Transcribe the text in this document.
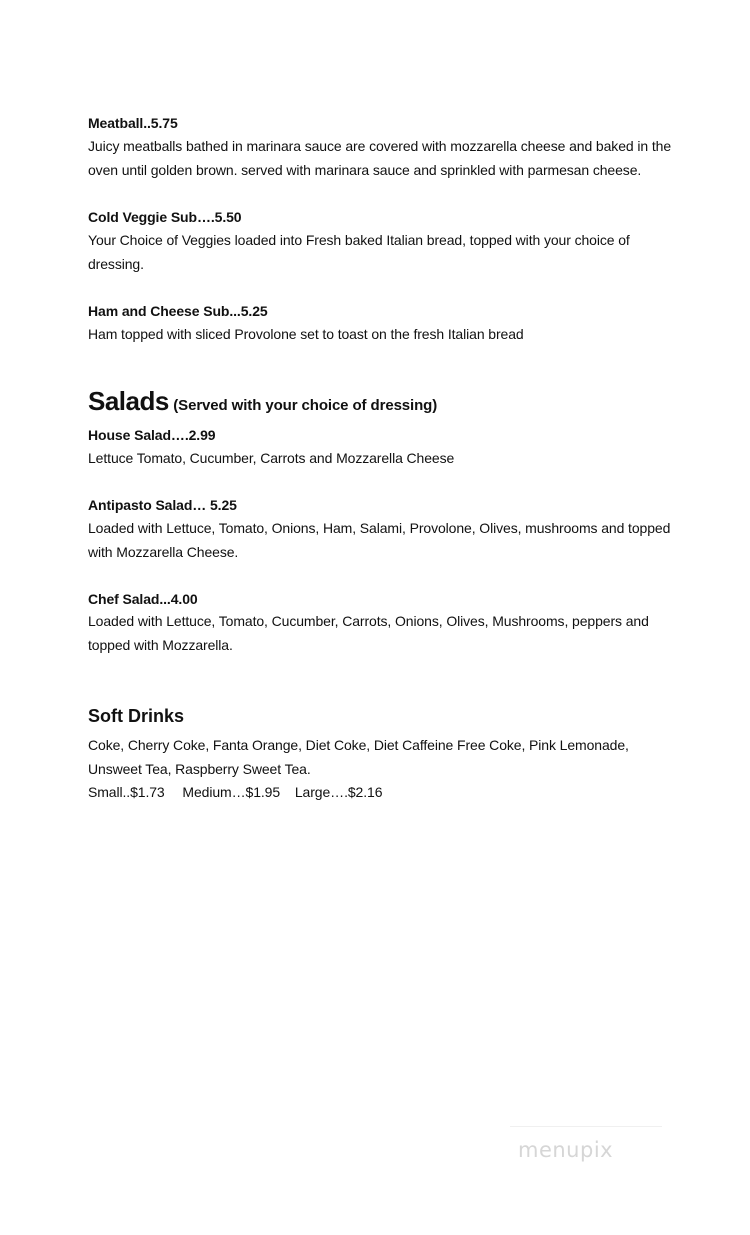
Meatball..5.75
Juicy meatballs bathed in marinara sauce are covered with mozzarella cheese and baked in the oven until golden brown. served with marinara sauce and sprinkled with parmesan cheese.
Cold Veggie Sub….5.50
Your Choice of Veggies loaded into Fresh baked Italian bread, topped with your choice of dressing.
Ham and Cheese Sub...5.25
Ham topped with sliced Provolone set to toast on the fresh Italian bread
Salads (Served with your choice of dressing)
House Salad….2.99
Lettuce Tomato, Cucumber, Carrots and Mozzarella Cheese
Antipasto Salad… 5.25
Loaded with Lettuce, Tomato, Onions, Ham, Salami, Provolone, Olives, mushrooms and topped with Mozzarella Cheese.
Chef Salad...4.00
Loaded with Lettuce, Tomato, Cucumber, Carrots, Onions, Olives, Mushrooms, peppers and topped with Mozzarella.
Soft Drinks
Coke, Cherry Coke, Fanta Orange, Diet Coke, Diet Caffeine Free Coke, Pink Lemonade,
Unsweet Tea, Raspberry Sweet Tea.
Small..$1.73 Medium…$1.95 Large….$2.16
menupix
